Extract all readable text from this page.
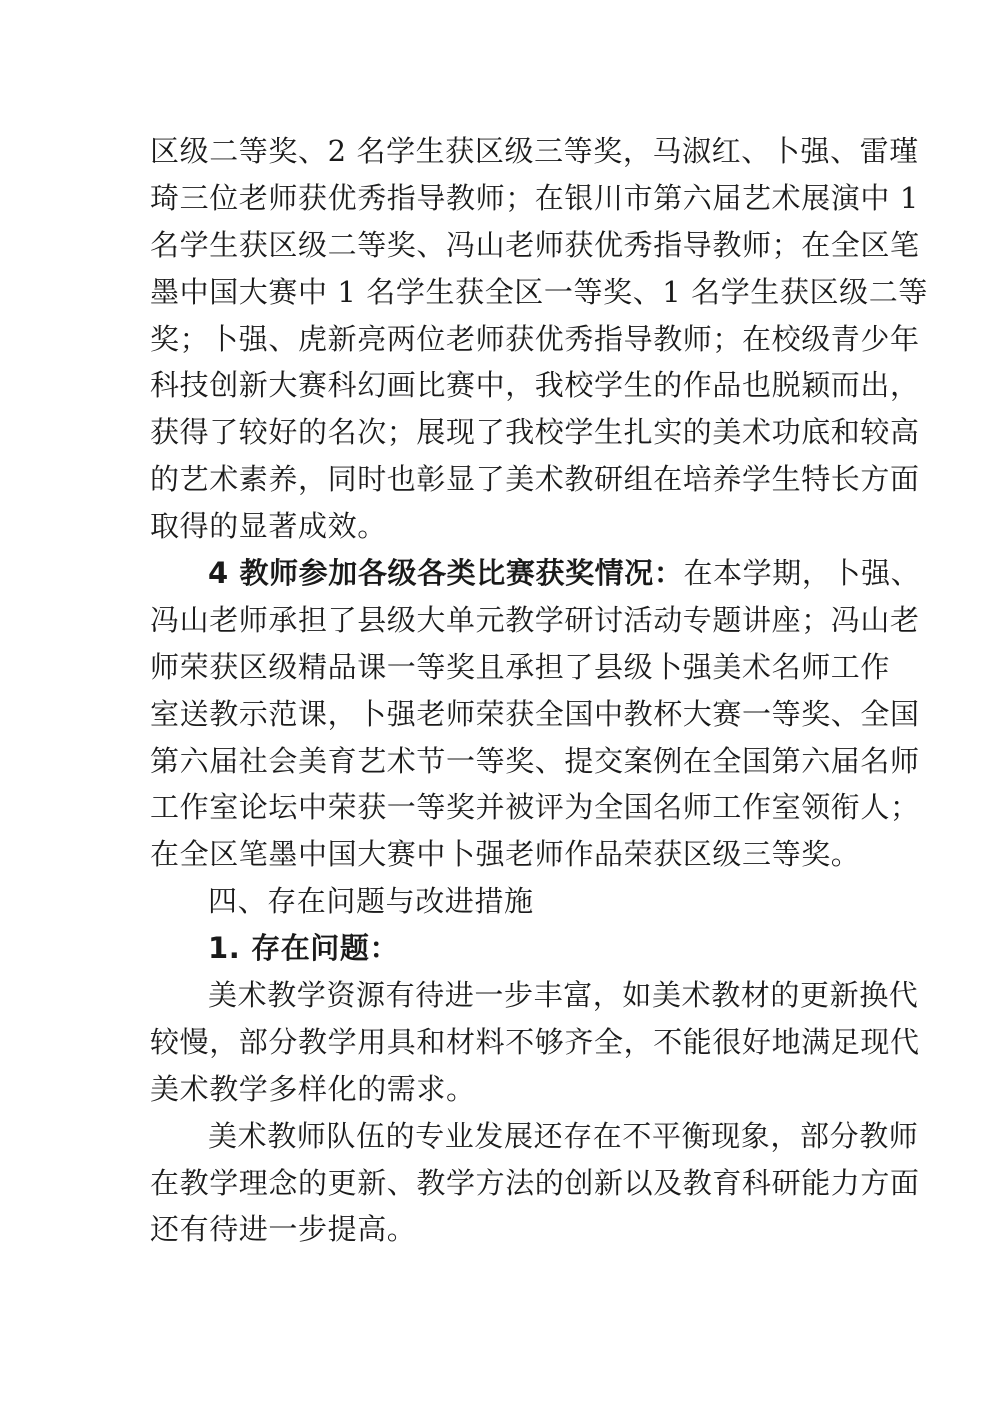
区级二等奖、2 名学生获区级三等奖，马淑红、卜强、雷瑾
琦三位老师获优秀指导教师；在银川市第六届艺术展演中 1
名学生获区级二等奖、冯山老师获优秀指导教师；在全区笔
墨中国大赛中 1 名学生获全区一等奖、1 名学生获区级二等
奖；卜强、虎新亮两位老师获优秀指导教师；在校级青少年
科技创新大赛科幻画比赛中，我校学生的作品也脱颖而出，
获得了较好的名次；展现了我校学生扎实的美术功底和较高
的艺术素养，同时也彰显了美术教研组在培养学生特长方面
取得的显著成效。
4 教师参加各级各类比赛获奖情况：在本学期，卜强、
冯山老师承担了县级大单元教学研讨活动专题讲座；冯山老
师荣获区级精品课一等奖且承担了县级卜强美术名师工作
室送教示范课，卜强老师荣获全国中教杯大赛一等奖、全国
第六届社会美育艺术节一等奖、提交案例在全国第六届名师
工作室论坛中荣获一等奖并被评为全国名师工作室领衔人；
在全区笔墨中国大赛中卜强老师作品荣获区级三等奖。
四、存在问题与改进措施
1. 存在问题：
美术教学资源有待进一步丰富，如美术教材的更新换代
较慢，部分教学用具和材料不够齐全，不能很好地满足现代
美术教学多样化的需求。
美术教师队伍的专业发展还存在不平衡现象，部分教师
在教学理念的更新、教学方法的创新以及教育科研能力方面
还有待进一步提高。
